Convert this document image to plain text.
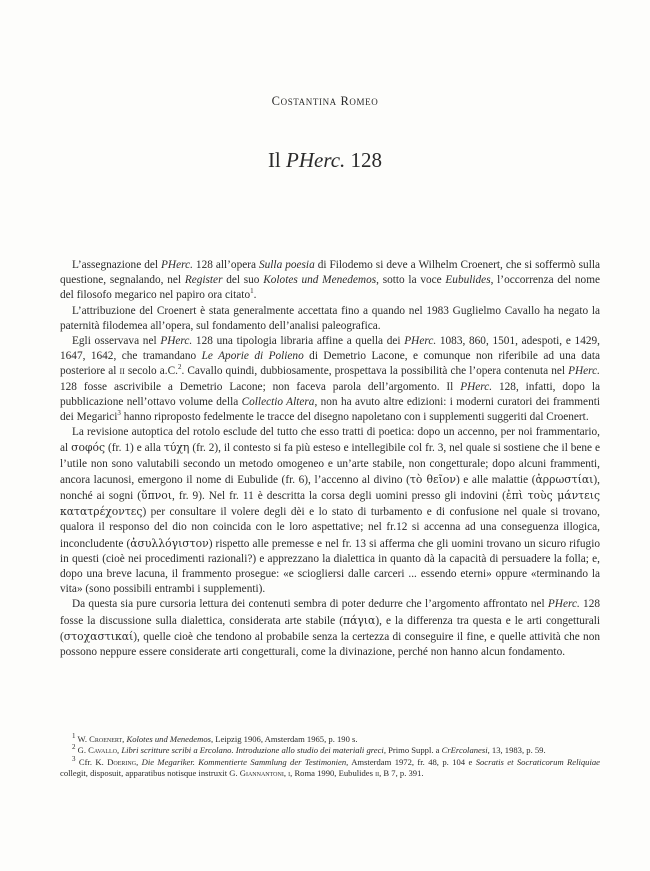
Costantina Romeo
Il PHerc. 128

L’assegnazione del PHerc. 128 all’opera Sulla poesia di Filodemo si deve a Wilhelm Croenert, che si soffermò sulla questione, segnalando, nel Register del suo Kolotes und Menedemos, sotto la voce Eubulides, l’occorrenza del nome del filosofo megarico nel papiro ora citato$^1$.

L’attribuzione del Croenert è stata generalmente accettata fino a quando nel 1983 Guglielmo Cavallo ha negato la paternità filodemea all’opera, sul fondamento dell’analisi paleografica.

Egli osservava nel PHerc. 128 una tipologia libraria affine a quella dei PHerc. 1083, 860, 1501, adespoti, e 1429, 1647, 1642, che tramandano Le Aporie di Polieno di Demetrio Lacone, e comunque non riferibile ad una data posteriore al ii secolo a.C.$^2$. Cavallo quindi, dubbiosamente, prospettava la possibilità che l’opera contenuta nel PHerc. 128 fosse ascrivibile a Demetrio Lacone; non faceva parola dell’argomento. Il PHerc. 128, infatti, dopo la pubblicazione nell’ottavo volume della Collectio Altera, non ha avuto altre edizioni: i moderni curatori dei frammenti dei Megarici$^3$ hanno riproposto fedelmente le tracce del disegno napoletano con i supplementi suggeriti dal Croenert.

La revisione autoptica del rotolo esclude del tutto che esso tratti di poetica: dopo un accenno, per noi frammentario, al σοφός (fr. 1) e alla τύχη (fr. 2), il contesto si fa più esteso e intellegibile col fr. 3, nel quale si sostiene che il bene e l’utile non sono valutabili secondo un metodo omogeneo e un’arte stabile, non congetturale; dopo alcuni frammenti, ancora lacunosi, emergono il nome di Eubulide (fr. 6), l’accenno al divino (τὸ θεῖον) e alle malattie (ἀρρωστίαι), nonché ai sogni (ὕπνοι, fr. 9). Nel fr. 11 è descritta la corsa degli uomini presso gli indovini (ἐπὶ τοὺς μάντεις κατατρέχοντες) per consultare il volere degli dèi e lo stato di turbamento e di confusione nel quale si trovano, qualora il responso del dio non coincida con le loro aspettative; nel fr.12 si accenna ad una conseguenza illogica, inconcludente (ἀσυλλόγιστον) rispetto alle premesse e nel fr. 13 si afferma che gli uomini trovano un sicuro rifugio in questi (cioè nei procedimenti razionali?) e apprezzano la dialettica in quanto dà la capacità di persuadere la folla; e, dopo una breve lacuna, il frammento prosegue: «e sciogliersi dalle carceri ... essendo eterni» oppure «terminando la vita» (sono possibili entrambi i supplementi).

Da questa sia pure cursoria lettura dei contenuti sembra di poter dedurre che l’argomento affrontato nel PHerc. 128 fosse la discussione sulla dialettica, considerata arte stabile (πάγια), e la differenza tra questa e le arti congetturali (στοχαστικαί), quelle cioè che tendono al probabile senza la certezza di conseguire il fine, e quelle attività che non possono neppure essere considerate arti congetturali, come la divinazione, perché non hanno alcun fondamento.

$^1$ W. Croenert, Kolotes und Menedemos, Leipzig 1906, Amsterdam 1965, p. 190 s.

$^2$ G. Cavallo, Libri scritture scribi a Ercolano. Introduzione allo studio dei materiali greci, Primo Suppl. a CrErcolanesi, 13, 1983, p. 59.

$^3$ Cfr. K. Doering, Die Megariker. Kommentierte Sammlung der Testimonien, Amsterdam 1972, fr. 48, p. 104 e Socratis et Socraticorum Reliquiae collegit, disposuit, apparatibus notisque instruxit G. Giannantoni, i, Roma 1990, Eubulides ii, B 7, p. 391.
